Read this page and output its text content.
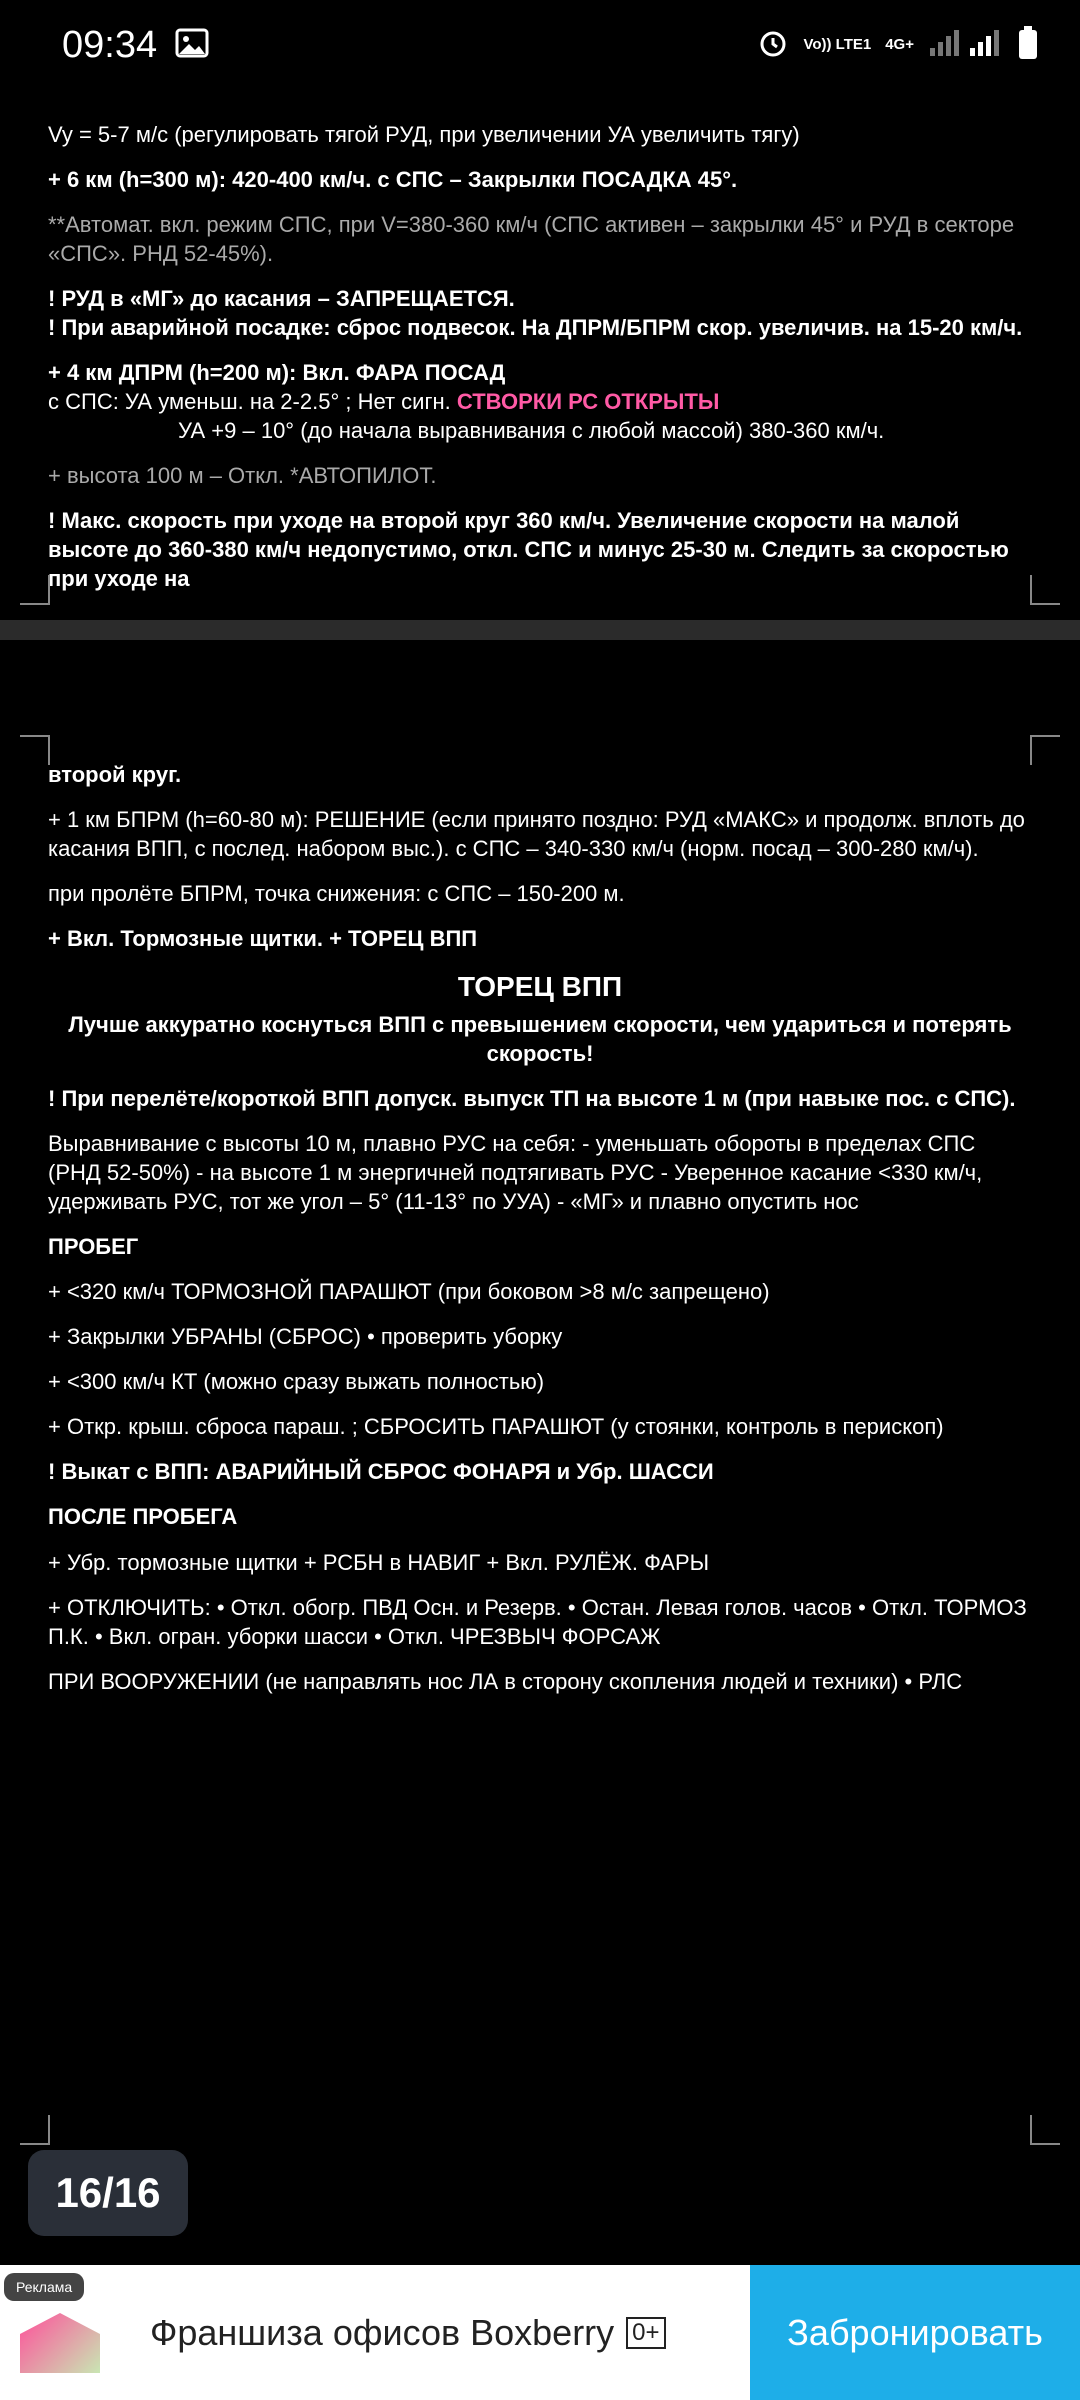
09:34	Vo)) LTE1 4G+
Vy = 5-7 м/с (регулировать тягой РУД, при увеличении УА увеличить тягу)
+ 6 км (h=300 м): 420-400 км/ч. с СПС – Закрылки ПОСАДКА 45°.
**Автомат. вкл. режим СПС, при V=380-360 км/ч (СПС активен – закрылки 45° и РУД в секторе «СПС». РНД 52-45%).
! РУД в «МГ» до касания – ЗАПРЕЩАЕТСЯ.
! При аварийной посадке: сброс подвесок. На ДПРМ/БПРМ скор. увеличив. на 15-20 км/ч.
+ 4 км ДПРМ (h=200 м): Вкл. ФАРА ПОСАД
с СПС: УА уменьш. на 2-2.5° ; Нет сигн. СТВОРКИ РС ОТКРЫТЫ
УА +9 – 10° (до начала выравнивания с любой массой) 380-360 км/ч.
+ высота 100 м – Откл. *АВТОПИЛОТ.
! Макс. скорость при уходе на второй круг 360 км/ч. Увеличение скорости на малой высоте до 360-380 км/ч недопустимо, откл. СПС и минус 25-30 м. Следить за скоростью при уходе на
второй круг.
+ 1 км БПРМ (h=60-80 м): РЕШЕНИЕ (если принято поздно: РУД «МАКС» и продолж. вплоть до касания ВПП, с послед. набором выс.). с СПС – 340-330 км/ч (норм. посад – 300-280 км/ч).
при пролёте БПРМ, точка снижения: с СПС – 150-200 м.
+ Вкл. Тормозные щитки. + ТОРЕЦ ВПП
ТОРЕЦ ВПП
Лучше аккуратно коснуться ВПП с превышением скорости, чем удариться и потерять скорость!
! При перелёте/короткой ВПП допуск. выпуск ТП на высоте 1 м (при навыке пос. с СПС).
Выравнивание с высоты 10 м, плавно РУС на себя: - уменьшать обороты в пределах СПС (РНД 52-50%) - на высоте 1 м энергичней подтягивать РУС - Уверенное касание <330 км/ч, удерживать РУС, тот же угол – 5° (11-13° по УУА) - «МГ» и плавно опустить нос
ПРОБЕГ
+ <320 км/ч ТОРМОЗНОЙ ПАРАШЮТ (при боковом >8 м/с запрещено)
+ Закрылки УБРАНЫ (СБРОС) • проверить уборку
+ <300 км/ч КТ (можно сразу выжать полностью)
+ Откр. крыш. сброса параш. ; СБРОСИТЬ ПАРАШЮТ (у стоянки, контроль в перископ)
! Выкат с ВПП: АВАРИЙНЫЙ СБРОС ФОНАРЯ и Убр. ШАССИ
ПОСЛЕ ПРОБЕГА
+ Убр. тормозные щитки + РСБН в НАВИГ + Вкл. РУЛЁЖ. ФАРЫ
+ ОТКЛЮЧИТЬ: • Откл. обогр. ПВД Осн. и Резерв. • Остан. Левая голов. часов • Откл. ТОРМОЗ П.К. • Вкл. огран. уборки шасси • Откл. ЧРЕЗВЫЧ ФОРСАЖ
ПРИ ВООРУЖЕНИИ (не направлять нос ЛА в сторону скопления людей и техники) • РЛС
16/16
Реклама
Франшиза офисов Boxberry 0+	Забронировать
